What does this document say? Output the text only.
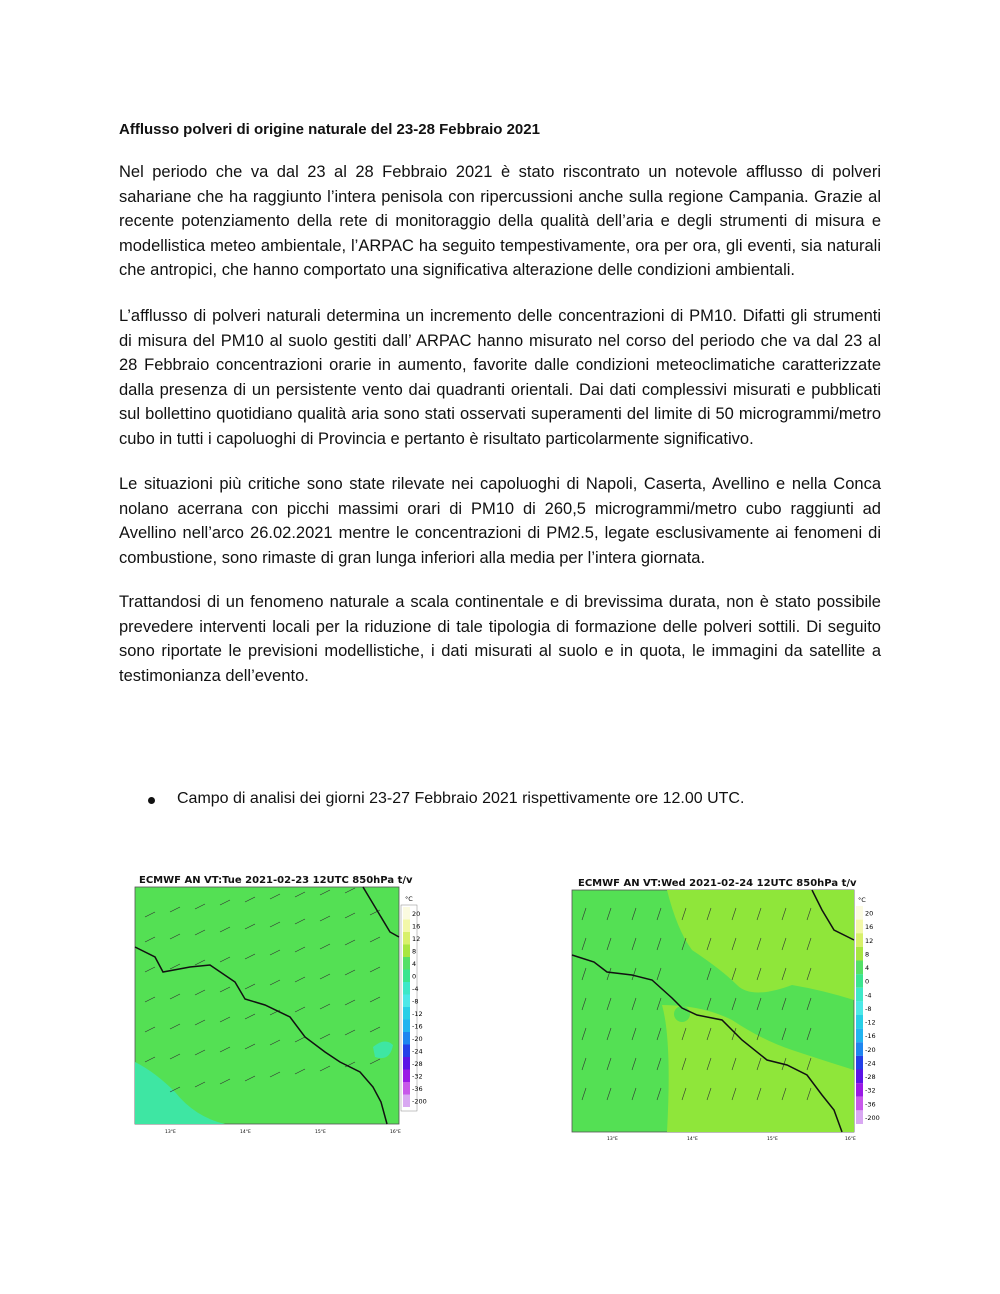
Afflusso polveri di origine naturale del 23-28 Febbraio 2021

Nel periodo che va dal 23 al 28 Febbraio 2021 è stato riscontrato un notevole afflusso di polveri sahariane che ha raggiunto l’intera penisola con ripercussioni anche sulla regione Campania. Grazie al recente potenziamento della rete di monitoraggio della qualità dell’aria e degli strumenti di misura e modellistica meteo ambientale, l’ARPAC ha seguito tempestivamente, ora per ora, gli eventi, sia naturali che antropici, che hanno comportato una significativa alterazione delle condizioni ambientali.

L’afflusso di polveri naturali determina un incremento delle concentrazioni di PM10. Difatti gli strumenti di misura del PM10 al suolo gestiti dall’ ARPAC hanno misurato nel corso del periodo che va dal 23 al 28 Febbraio concentrazioni orarie in aumento, favorite dalle condizioni meteoclimatiche caratterizzate dalla presenza di un persistente vento dai quadranti orientali. Dai dati complessivi misurati e pubblicati sul bollettino quotidiano qualità aria sono stati osservati superamenti del limite di 50 microgrammi/metro cubo in tutti i capoluoghi di Provincia e pertanto è risultato particolarmente significativo.

Le situazioni più critiche sono state rilevate nei capoluoghi di Napoli, Caserta, Avellino e nella Conca nolano acerrana con picchi massimi orari di PM10 di 260,5 microgrammi/metro cubo raggiunti ad Avellino nell’arco 26.02.2021 mentre le concentrazioni di PM2.5, legate esclusivamente ai fenomeni di combustione, sono rimaste di gran lunga inferiori alla media per l’intera giornata.

Trattandosi di un fenomeno naturale a scala continentale e di brevissima durata, non è stato possibile prevedere interventi locali per la riduzione di tale tipologia di formazione delle polveri sottili. Di seguito sono riportate le previsioni modellistiche, i dati misurati al suolo e in quota, le immagini da satellite a testimonianza dell’evento.

Campo di analisi dei giorni 23-27 Febbraio 2021 rispettivamente ore 12.00 UTC.
ECMWF AN VT:Tue 2021-02-23 12UTC 850hPa t/v
20
16
12
8
4
0
-4
-8
-12
-16
-20
-24
-28
-32
-36
-200
°C
13°E	14°E	15°E	16°E
ECMWF AN VT:Wed 2021-02-24 12UTC 850hPa t/v
°C
20
16
12
8
4
0
-4
-8
-12
-16
-20
-24
-28
-32
-36
-200
13°E	14°E	15°E	16°E
